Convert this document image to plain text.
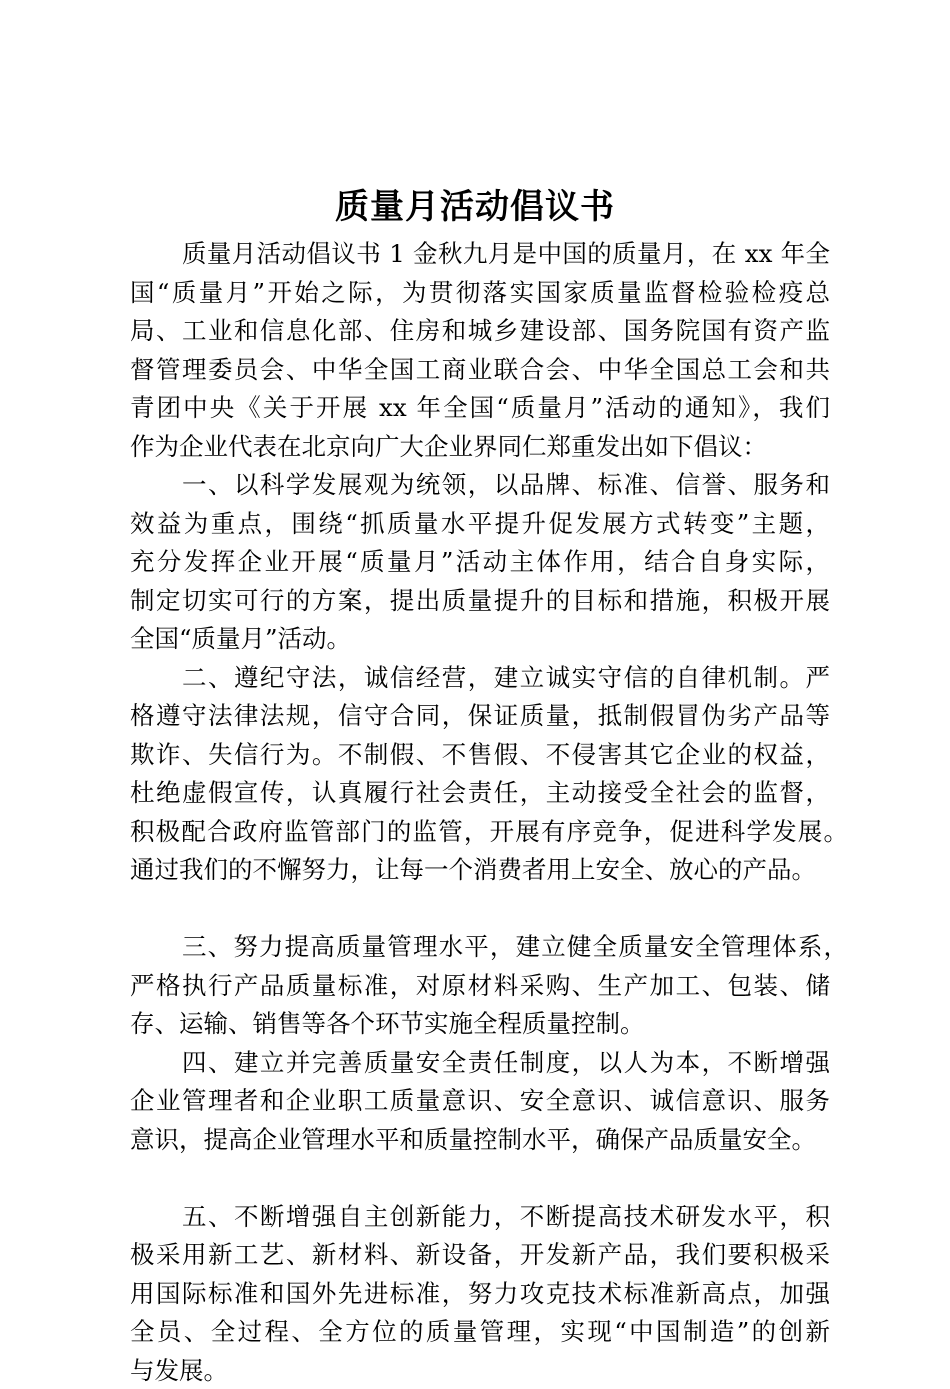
质量月活动倡议书
质量月活动倡议书 1 金秋九月是中国的质量月，在 xx 年全
国“质量月”开始之际，为贯彻落实国家质量监督检验检疫总
局、工业和信息化部、住房和城乡建设部、国务院国有资产监
督管理委员会、中华全国工商业联合会、中华全国总工会和共
青团中央《关于开展 xx 年全国“质量月”活动的通知》，我们
作为企业代表在北京向广大企业界同仁郑重发出如下倡议：
一、以科学发展观为统领，以品牌、标准、信誉、服务和
效益为重点，围绕“抓质量水平提升促发展方式转变”主题，
充分发挥企业开展“质量月”活动主体作用，结合自身实际，
制定切实可行的方案，提出质量提升的目标和措施，积极开展
全国“质量月”活动。
二、遵纪守法，诚信经营，建立诚实守信的自律机制。严
格遵守法律法规，信守合同，保证质量，抵制假冒伪劣产品等
欺诈、失信行为。不制假、不售假、不侵害其它企业的权益，
杜绝虚假宣传，认真履行社会责任，主动接受全社会的监督，
积极配合政府监管部门的监管，开展有序竞争，促进科学发展。
通过我们的不懈努力，让每一个消费者用上安全、放心的产品。
三、努力提高质量管理水平，建立健全质量安全管理体系，
严格执行产品质量标准，对原材料采购、生产加工、包装、储
存、运输、销售等各个环节实施全程质量控制。
四、建立并完善质量安全责任制度，以人为本，不断增强
企业管理者和企业职工质量意识、安全意识、诚信意识、服务
意识，提高企业管理水平和质量控制水平，确保产品质量安全。
五、不断增强自主创新能力，不断提高技术研发水平，积
极采用新工艺、新材料、新设备，开发新产品，我们要积极采
用国际标准和国外先进标准，努力攻克技术标准新高点，加强
全员、全过程、全方位的质量管理，实现“中国制造”的创新
与发展。
